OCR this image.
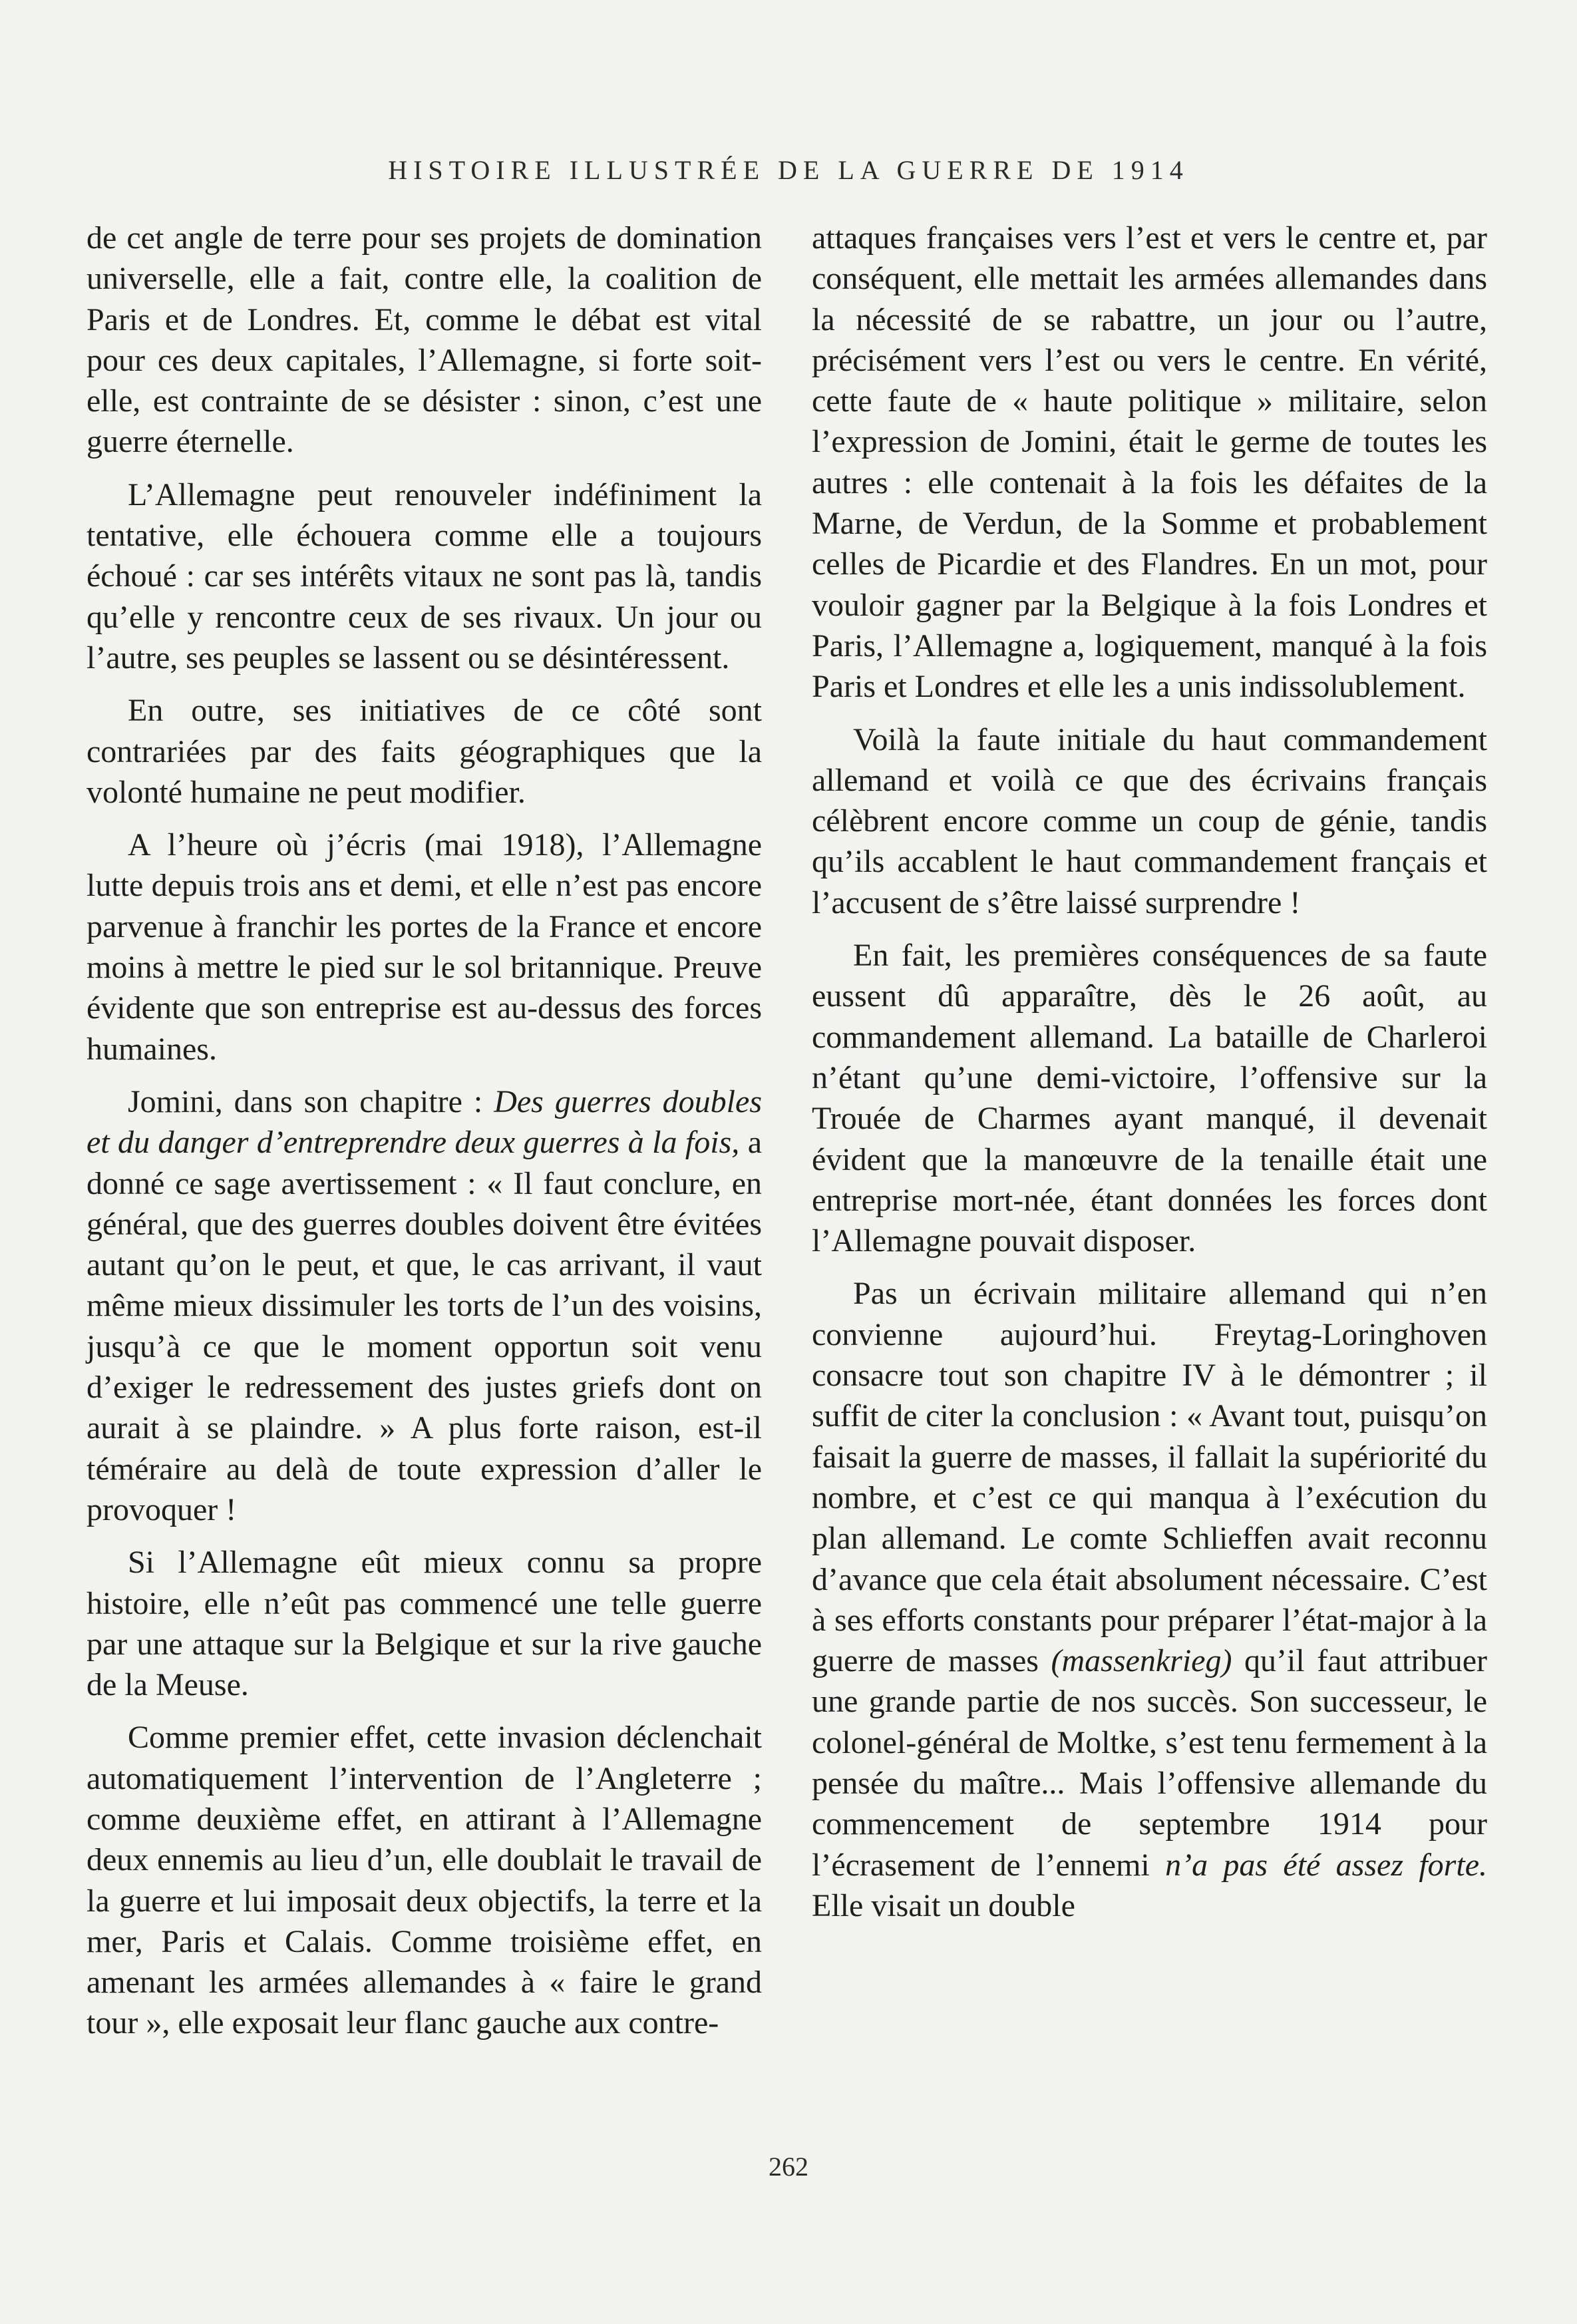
HISTOIRE ILLUSTRÉE DE LA GUERRE DE 1914

de cet angle de terre pour ses projets de domination universelle, elle a fait, contre elle, la coalition de Paris et de Londres. Et, comme le débat est vital pour ces deux capitales, l’Allemagne, si forte soit-elle, est contrainte de se désister : sinon, c’est une guerre éternelle.

L’Allemagne peut renouveler indéfiniment la tentative, elle échouera comme elle a toujours échoué : car ses intérêts vitaux ne sont pas là, tandis qu’elle y rencontre ceux de ses rivaux. Un jour ou l’autre, ses peuples se lassent ou se désintéressent.

En outre, ses initiatives de ce côté sont contrariées par des faits géographiques que la volonté humaine ne peut modifier.

A l’heure où j’écris (mai 1918), l’Allemagne lutte depuis trois ans et demi, et elle n’est pas encore parvenue à franchir les portes de la France et encore moins à mettre le pied sur le sol britannique. Preuve évidente que son entreprise est au-dessus des forces humaines.

Jomini, dans son chapitre : Des guerres doubles et du danger d’entreprendre deux guerres à la fois, a donné ce sage avertissement : « Il faut conclure, en général, que des guerres doubles doivent être évitées autant qu’on le peut, et que, le cas arrivant, il vaut même mieux dissimuler les torts de l’un des voisins, jusqu’à ce que le moment opportun soit venu d’exiger le redressement des justes griefs dont on aurait à se plaindre. » A plus forte raison, est-il téméraire au delà de toute expression d’aller le provoquer !

Si l’Allemagne eût mieux connu sa propre histoire, elle n’eût pas commencé une telle guerre par une attaque sur la Belgique et sur la rive gauche de la Meuse.

Comme premier effet, cette invasion déclenchait automatiquement l’intervention de l’Angleterre ; comme deuxième effet, en attirant à l’Allemagne deux ennemis au lieu d’un, elle doublait le travail de la guerre et lui imposait deux objectifs, la terre et la mer, Paris et Calais. Comme troisième effet, en amenant les armées allemandes à « faire le grand tour », elle exposait leur flanc gauche aux contre-

attaques françaises vers l’est et vers le centre et, par conséquent, elle mettait les armées allemandes dans la nécessité de se rabattre, un jour ou l’autre, précisément vers l’est ou vers le centre. En vérité, cette faute de « haute politique » militaire, selon l’expression de Jomini, était le germe de toutes les autres : elle contenait à la fois les défaites de la Marne, de Verdun, de la Somme et probablement celles de Picardie et des Flandres. En un mot, pour vouloir gagner par la Belgique à la fois Londres et Paris, l’Allemagne a, logiquement, manqué à la fois Paris et Londres et elle les a unis indissolublement.

Voilà la faute initiale du haut commandement allemand et voilà ce que des écrivains français célèbrent encore comme un coup de génie, tandis qu’ils accablent le haut commandement français et l’accusent de s’être laissé surprendre !

En fait, les premières conséquences de sa faute eussent dû apparaître, dès le 26 août, au commandement allemand. La bataille de Charleroi n’étant qu’une demi-victoire, l’offensive sur la Trouée de Charmes ayant manqué, il devenait évident que la manœuvre de la tenaille était une entreprise mort-née, étant données les forces dont l’Allemagne pouvait disposer.

Pas un écrivain militaire allemand qui n’en convienne aujourd’hui. Freytag-Loringhoven consacre tout son chapitre IV à le démontrer ; il suffit de citer la conclusion : « Avant tout, puisqu’on faisait la guerre de masses, il fallait la supériorité du nombre, et c’est ce qui manqua à l’exécution du plan allemand. Le comte Schlieffen avait reconnu d’avance que cela était absolument nécessaire. C’est à ses efforts constants pour préparer l’état-major à la guerre de masses (massenkrieg) qu’il faut attribuer une grande partie de nos succès. Son successeur, le colonel-général de Moltke, s’est tenu fermement à la pensée du maître... Mais l’offensive allemande du commencement de septembre 1914 pour l’écrasement de l’ennemi n’a pas été assez forte. Elle visait un double

262
